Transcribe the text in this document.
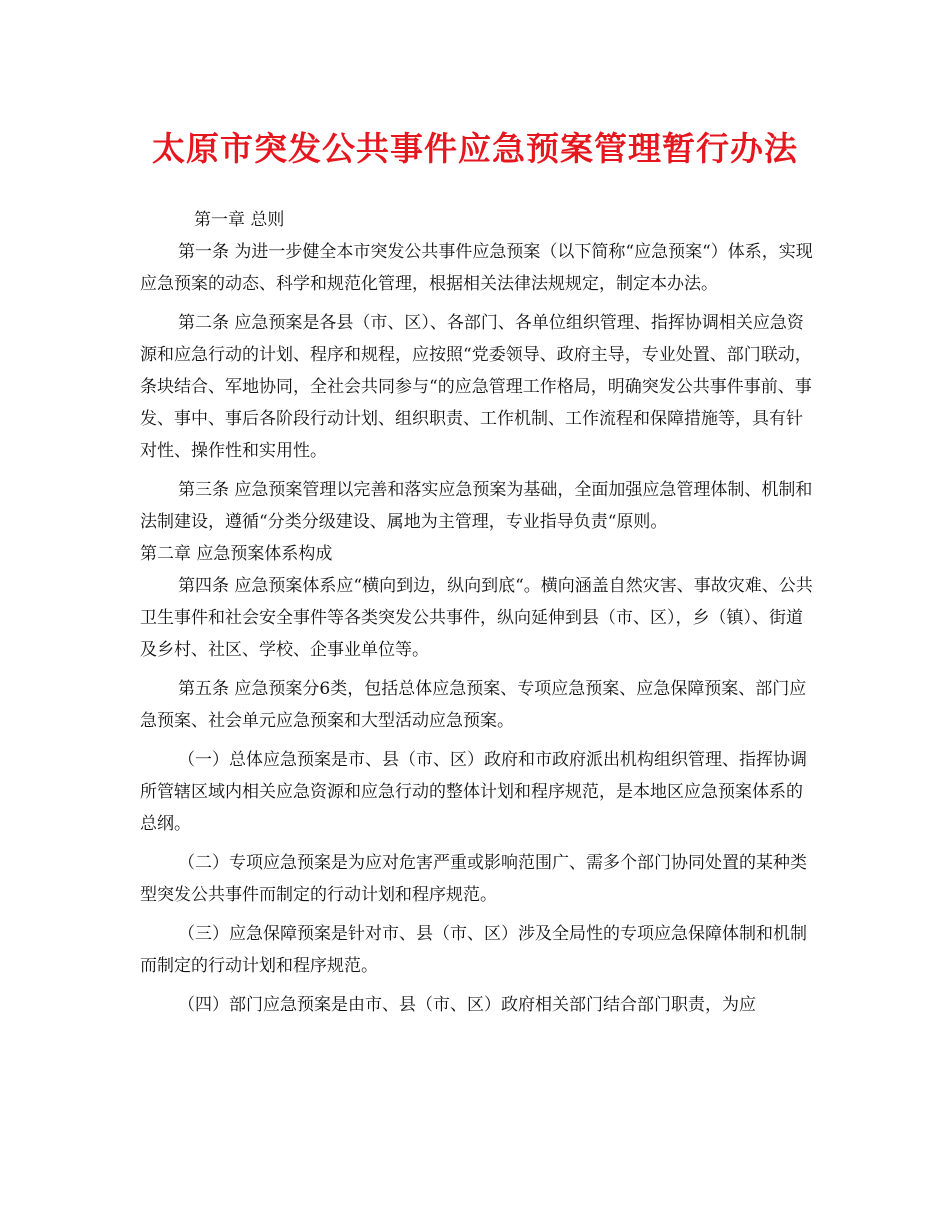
太原市突发公共事件应急预案管理暂行办法

第一章 总则

第一条 为进一步健全本市突发公共事件应急预案（以下简称“应急预案“）体系，实现应急预案的动态、科学和规范化管理，根据相关法律法规规定，制定本办法。

第二条 应急预案是各县（市、区）、各部门、各单位组织管理、指挥协调相关应急资源和应急行动的计划、程序和规程，应按照“党委领导、政府主导，专业处置、部门联动，条块结合、军地协同，全社会共同参与“的应急管理工作格局，明确突发公共事件事前、事发、事中、事后各阶段行动计划、组织职责、工作机制、工作流程和保障措施等，具有针对性、操作性和实用性。

第三条 应急预案管理以完善和落实应急预案为基础，全面加强应急管理体制、机制和法制建设，遵循“分类分级建设、属地为主管理，专业指导负责“原则。

第二章 应急预案体系构成

第四条 应急预案体系应“横向到边，纵向到底“。横向涵盖自然灾害、事故灾难、公共卫生事件和社会安全事件等各类突发公共事件，纵向延伸到县（市、区），乡（镇）、街道及乡村、社区、学校、企事业单位等。

第五条 应急预案分6类，包括总体应急预案、专项应急预案、应急保障预案、部门应急预案、社会单元应急预案和大型活动应急预案。

（一）总体应急预案是市、县（市、区）政府和市政府派出机构组织管理、指挥协调所管辖区域内相关应急资源和应急行动的整体计划和程序规范，是本地区应急预案体系的总纲。

（二）专项应急预案是为应对危害严重或影响范围广、需多个部门协同处置的某种类型突发公共事件而制定的行动计划和程序规范。

（三）应急保障预案是针对市、县（市、区）涉及全局性的专项应急保障体制和机制而制定的行动计划和程序规范。

（四）部门应急预案是由市、县（市、区）政府相关部门结合部门职责，为应
